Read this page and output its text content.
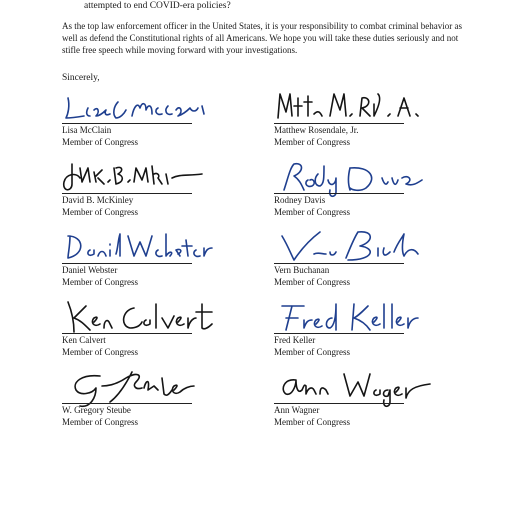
attempted to end COVID-era policies?
As the top law enforcement officer in the United States, it is your responsibility to combat criminal behavior as well as defend the Constitutional rights of all Americans. We hope you will take these duties seriously and not stifle free speech while moving forward with your investigations.
Sincerely,
Lisa McClain
Member of Congress
Matthew Rosendale, Jr.
Member of Congress
David B. McKinley
Member of Congress
Rodney Davis
Member of Congress
Daniel Webster
Member of Congress
Vern Buchanan
Member of Congress
Ken Calvert
Member of Congress
Fred Keller
Member of Congress
W. Gregory Steube
Member of Congress
Ann Wagner
Member of Congress
